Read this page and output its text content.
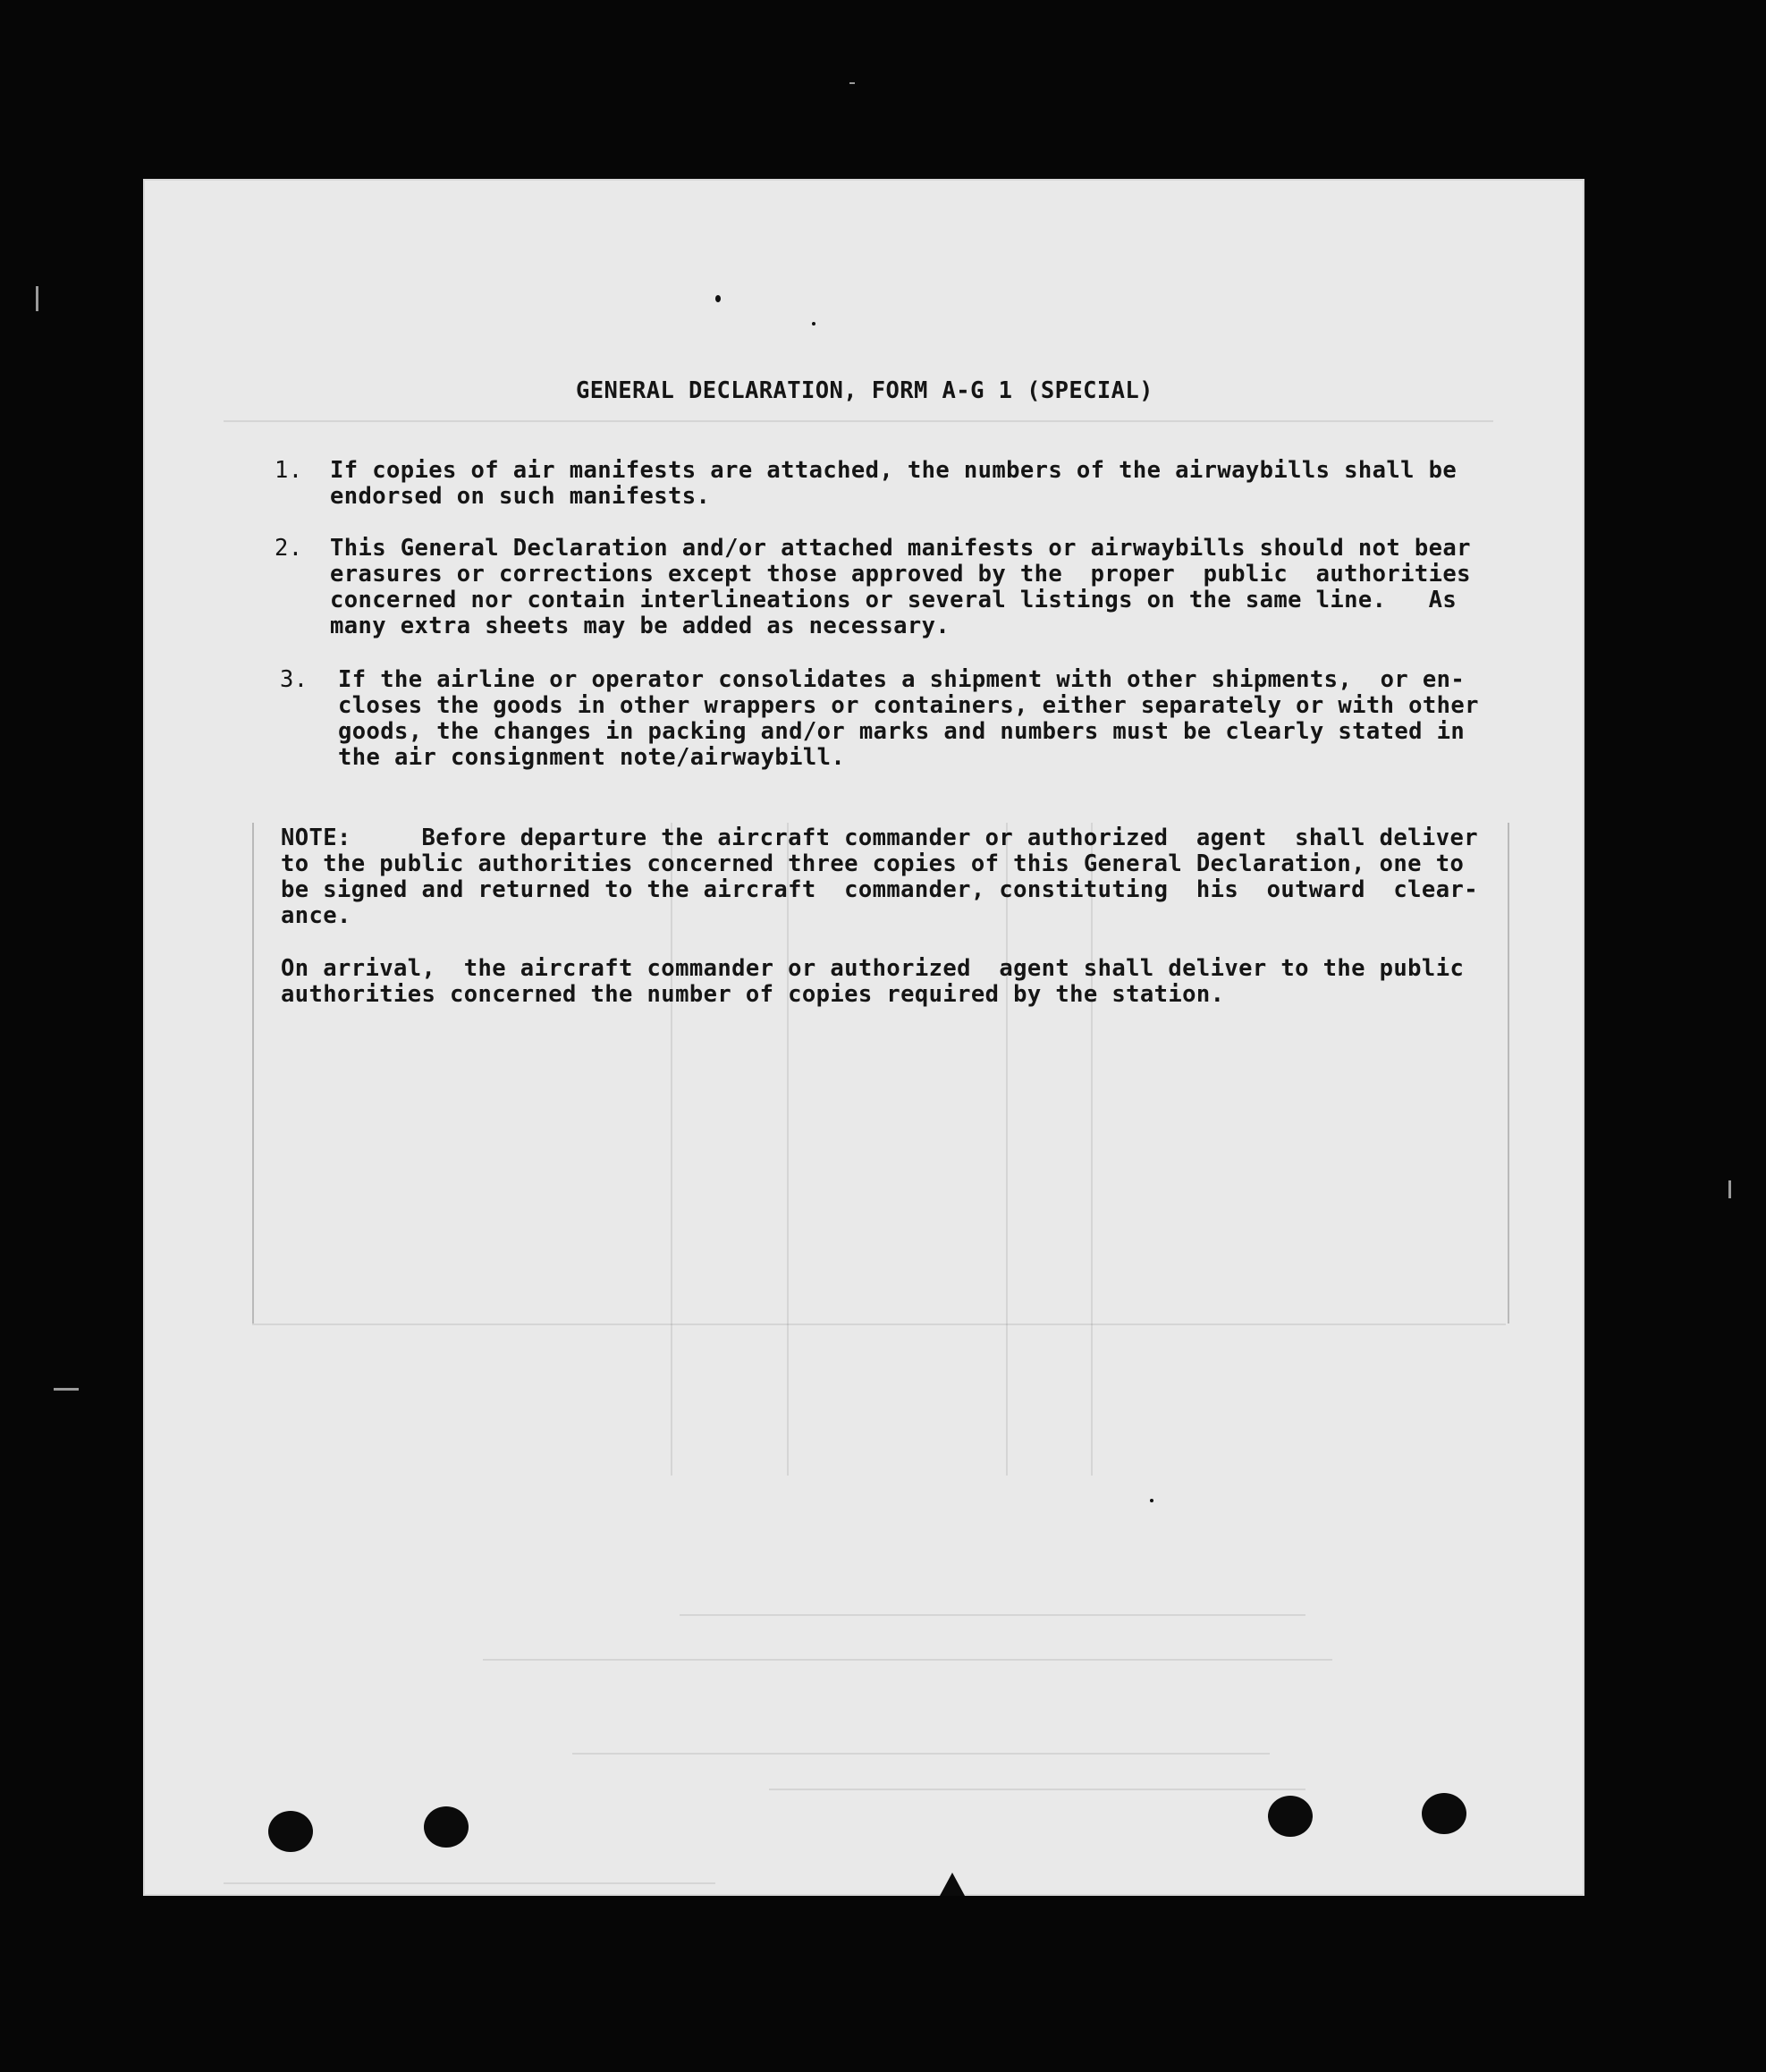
GENERAL DECLARATION, FORM A-G 1 (SPECIAL)
1. If copies of air manifests are attached, the numbers of the airwaybills shall be
endorsed on such manifests.
2. This General Declaration and/or attached manifests or airwaybills should not bear
erasures or corrections except those approved by the  proper  public  authorities
concerned nor contain interlineations or several listings on the same line.   As
many extra sheets may be added as necessary.
3. If the airline or operator consolidates a shipment with other shipments,  or en-
closes the goods in other wrappers or containers, either separately or with other
goods, the changes in packing and/or marks and numbers must be clearly stated in
the air consignment note/airwaybill.
NOTE:     Before departure the aircraft commander or authorized  agent  shall deliver
to the public authorities concerned three copies of this General Declaration, one to
be signed and returned to the aircraft  commander, constituting  his  outward  clear-
ance.
On arrival,  the aircraft commander or authorized  agent shall deliver to the public
authorities concerned the number of copies required by the station.
